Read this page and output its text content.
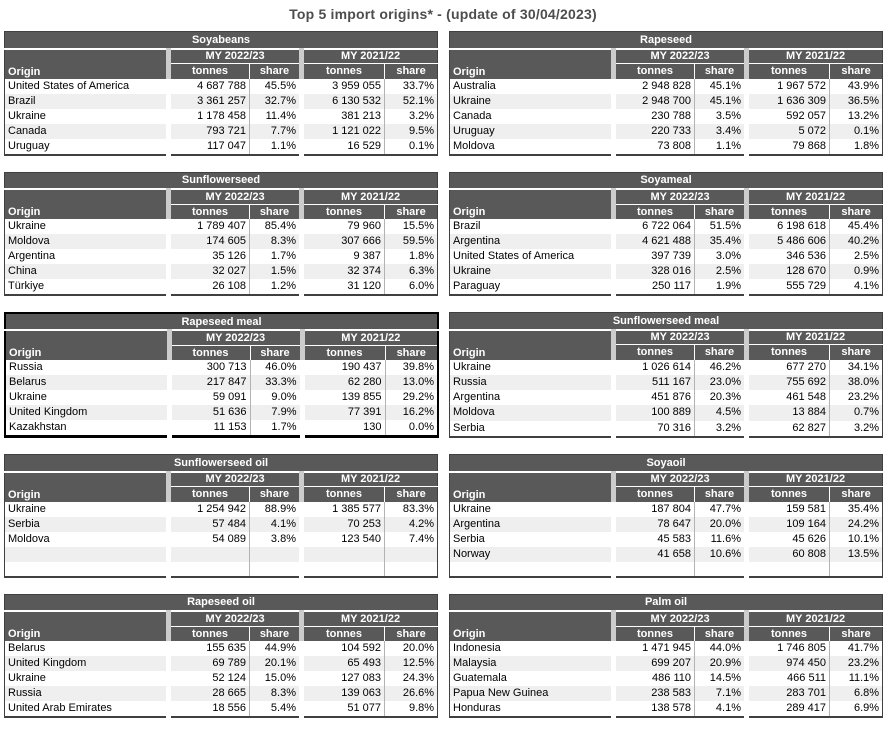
Top 5 import origins* - (update of 30/04/2023)
Soyabeans				
Origin	MY 2022/23		MY 2021/22	
	tonnes	share	tonnes	share
United States of America	4 687 788	45.5%	3 959 055	33.7%
Brazil	3 361 257	32.7%	6 130 532	52.1%
Ukraine	1 178 458	11.4%	381 213	3.2%
Canada	793 721	7.7%	1 121 022	9.5%
Uruguay	117 047	1.1%	16 529	0.1%
Rapeseed				
Origin	MY 2022/23		MY 2021/22	
	tonnes	share	tonnes	share
Australia	2 948 828	45.1%	1 967 572	43.9%
Ukraine	2 948 700	45.1%	1 636 309	36.5%
Canada	230 788	3.5%	592 057	13.2%
Uruguay	220 733	3.4%	5 072	0.1%
Moldova	73 808	1.1%	79 868	1.8%
Sunflowerseed				
Origin	MY 2022/23		MY 2021/22	
	tonnes	share	tonnes	share
Ukraine	1 789 407	85.4%	79 960	15.5%
Moldova	174 605	8.3%	307 666	59.5%
Argentina	35 126	1.7%	9 387	1.8%
China	32 027	1.5%	32 374	6.3%
Türkiye	26 108	1.2%	31 120	6.0%
Soyameal				
Origin	MY 2022/23		MY 2021/22	
	tonnes	share	tonnes	share
Brazil	6 722 064	51.5%	6 198 618	45.4%
Argentina	4 621 488	35.4%	5 486 606	40.2%
United States of America	397 739	3.0%	346 536	2.5%
Ukraine	328 016	2.5%	128 670	0.9%
Paraguay	250 117	1.9%	555 729	4.1%
Rapeseed meal				
Origin	MY 2022/23		MY 2021/22	
	tonnes	share	tonnes	share
Russia	300 713	46.0%	190 437	39.8%
Belarus	217 847	33.3%	62 280	13.0%
Ukraine	59 091	9.0%	139 855	29.2%
United Kingdom	51 636	7.9%	77 391	16.2%
Kazakhstan	11 153	1.7%	130	0.0%
Sunflowerseed meal				
Origin	MY 2022/23		MY 2021/22	
	tonnes	share	tonnes	share
Ukraine	1 026 614	46.2%	677 270	34.1%
Russia	511 167	23.0%	755 692	38.0%
Argentina	451 876	20.3%	461 548	23.2%
Moldova	100 889	4.5%	13 884	0.7%
Serbia	70 316	3.2%	62 827	3.2%
Sunflowerseed oil				
Origin	MY 2022/23		MY 2021/22	
	tonnes	share	tonnes	share
Ukraine	1 254 942	88.9%	1 385 577	83.3%
Serbia	57 484	4.1%	70 253	4.2%
Moldova	54 089	3.8%	123 540	7.4%

Soyaoil				
Origin	MY 2022/23		MY 2021/22	
	tonnes	share	tonnes	share
Ukraine	187 804	47.7%	159 581	35.4%
Argentina	78 647	20.0%	109 164	24.2%
Serbia	45 583	11.6%	45 626	10.1%
Norway	41 658	10.6%	60 808	13.5%

Rapeseed oil				
Origin	MY 2022/23		MY 2021/22	
	tonnes	share	tonnes	share
Belarus	155 635	44.9%	104 592	20.0%
United Kingdom	69 789	20.1%	65 493	12.5%
Ukraine	52 124	15.0%	127 083	24.3%
Russia	28 665	8.3%	139 063	26.6%
United Arab Emirates	18 556	5.4%	51 077	9.8%
Palm oil				
Origin	MY 2022/23		MY 2021/22	
	tonnes	share	tonnes	share
Indonesia	1 471 945	44.0%	1 746 805	41.7%
Malaysia	699 207	20.9%	974 450	23.2%
Guatemala	486 110	14.5%	466 511	11.1%
Papua New Guinea	238 583	7.1%	283 701	6.8%
Honduras	138 578	4.1%	289 417	6.9%
